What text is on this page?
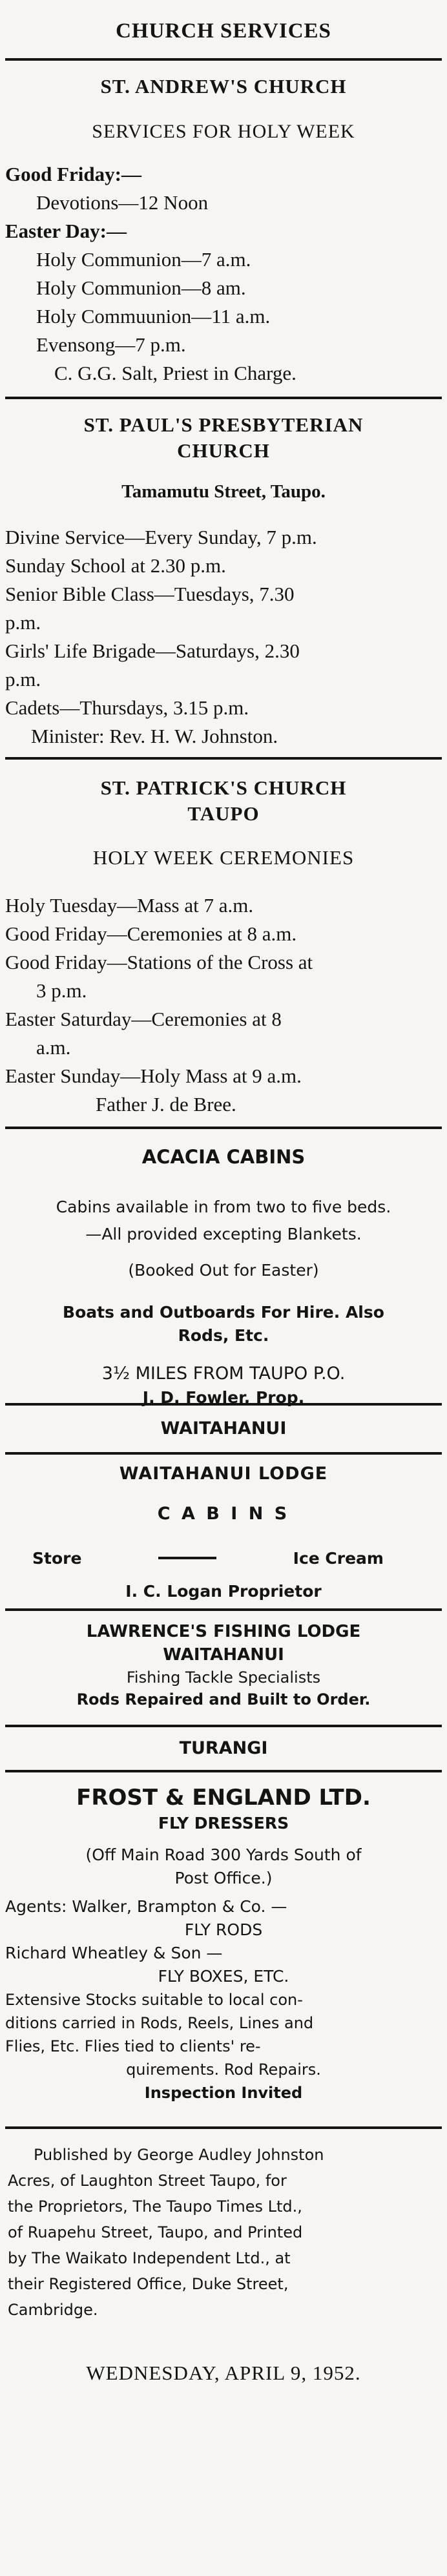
CHURCH SERVICES
ST. ANDREW'S CHURCH
SERVICES FOR HOLY WEEK
Good Friday:—
Devotions—12 Noon
Easter Day:—
Holy Communion—7 a.m.
Holy Communion—8 am.
Holy Commuunion—11 a.m.
Evensong—7 p.m.
C. G.G. Salt, Priest in Charge.
ST. PAUL'S PRESBYTERIAN
CHURCH
Tamamutu Street, Taupo.
Divine Service—Every Sunday, 7 p.m.
Sunday School at 2.30 p.m.
Senior Bible Class—Tuesdays, 7.30
p.m.
Girls' Life Brigade—Saturdays, 2.30
p.m.
Cadets—Thursdays, 3.15 p.m.
Minister: Rev. H. W. Johnston.
ST. PATRICK'S CHURCH
TAUPO
HOLY WEEK CEREMONIES
Holy Tuesday—Mass at 7 a.m.
Good Friday—Ceremonies at 8 a.m.
Good Friday—Stations of the Cross at
3 p.m.
Easter Saturday—Ceremonies at 8
a.m.
Easter Sunday—Holy Mass at 9 a.m.
Father J. de Bree.
ACACIA CABINS
Cabins available in from two to five beds.
—All provided excepting Blankets.
(Booked Out for Easter)
Boats and Outboards For Hire. Also
Rods, Etc.
3½ MILES FROM TAUPO P.O.
J. D. Fowler, Prop.
WAITAHANUI
WAITAHANUI LODGE
C A B I N S
Store	Ice Cream
I. C. Logan Proprietor
LAWRENCE'S FISHING LODGE
WAITAHANUI
Fishing Tackle Specialists
Rods Repaired and Built to Order.
TURANGI
FROST & ENGLAND LTD.
FLY DRESSERS
(Off Main Road 300 Yards South of
Post Office.)
Agents: Walker, Brampton & Co. —
FLY RODS
Richard Wheatley & Son —
FLY BOXES, ETC.
Extensive Stocks suitable to local con-
ditions carried in Rods, Reels, Lines and
Flies, Etc. Flies tied to clients' re-
quirements. Rod Repairs.
Inspection Invited
Published by George Audley Johnston
Acres, of Laughton Street Taupo, for
the Proprietors, The Taupo Times Ltd.,
of Ruapehu Street, Taupo, and Printed
by The Waikato Independent Ltd., at
their Registered Office, Duke Street,
Cambridge.
WEDNESDAY, APRIL 9, 1952.
